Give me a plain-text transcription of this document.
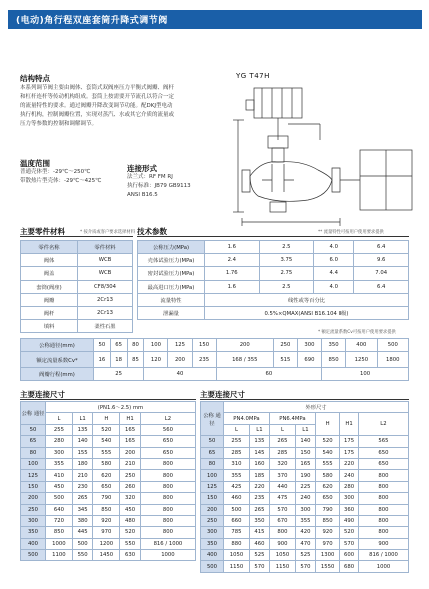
(电动)角行程双座套筒升降式调节阀
结构特点
本系列调节阀主要由阀体、套筒式双阀座压力平衡式阀瓣、阀杆
和杠杆连杆等传动机构组成。套筒上按需要开节流孔以符合一定
的流量特性的要求。通过阀瓣升降改变调节功能。配DKJ型电动
执行机构，控制阀瓣位置，实现对蒸汽、水或其它介质的流量或
压力等参数的控制和调解调节。
YG T47H
温度范围
普通壳体型：-29℃～250℃
带散热片型壳体：-29℃～425℃
连接形式
法兰式：RF FM RJ
执行标准：JB79 GB9113
ANSI B16.5
主要零件材料	* 按介质或客户要求选择材料
零件名称	零件材料
阀体	WCB
阀盖	WCB
套筒(阀座)	CF8/304
阀瓣	2Cr13
阀杆	2Cr13
填料	柔性石墨
技术参数	** 流量特性可按用户使用要求提供
公称压力(MPa)	1.6	2.5	4.0	6.4
壳体试验压力(MPa)	2.4	3.75	6.0	9.6
密封试验压力(MPa)	1.76	2.75	4.4	7.04
最高进口压力(MPa)	1.6	2.5	4.0	6.4
流量特性	线性或等百分比			
泄漏量	0.5%×QMAX(ANSI B16.104 Ⅱ级)			
* 额定流量系数Cv可按用户使用要求提供
公称通径(mm)	50	65	80	100	125	150	200	250	300	350	400	500
额定流量系数Cv*	16	18	85	120	200	235	168 / 355	515	690	850	1250	1800
阀瓣行程(mm)	25			40			60			100		
主要连接尺寸
公称 通径	(PN1.6～2.5) mm				
	L	L1	H	H1	L2
50	255	135	520	165	560
65	280	140	540	165	650
80	300	155	555	200	650
100	355	180	580	210	800
125	410	210	620	250	800
150	450	230	650	260	800
200	500	265	790	320	800
250	640	345	850	450	800
300	720	380	920	480	800
350	850	445	970	520	800
400	1000	500	1200	550	816 / 1000
500	1100	550	1450	630	1000
主要连接尺寸
公称 通径	外形尺寸						
	PN4.0MPa		PN6.4MPa		H	H1	L2
	L	L1	L	L1			
50	255	135	265	140	520	175	565
65	285	145	285	150	540	175	650
80	310	160	320	165	555	220	650
100	355	185	370	190	580	240	800
125	425	220	440	225	620	280	800
150	460	235	475	240	650	300	800
200	500	265	570	300	790	360	800
250	660	350	670	355	850	490	800
300	785	415	800	420	920	520	800
350	880	460	900	470	970	570	900
400	1050	525	1050	525	1300	600	816 / 1000
500	1150	570	1150	570	1550	680	1000
